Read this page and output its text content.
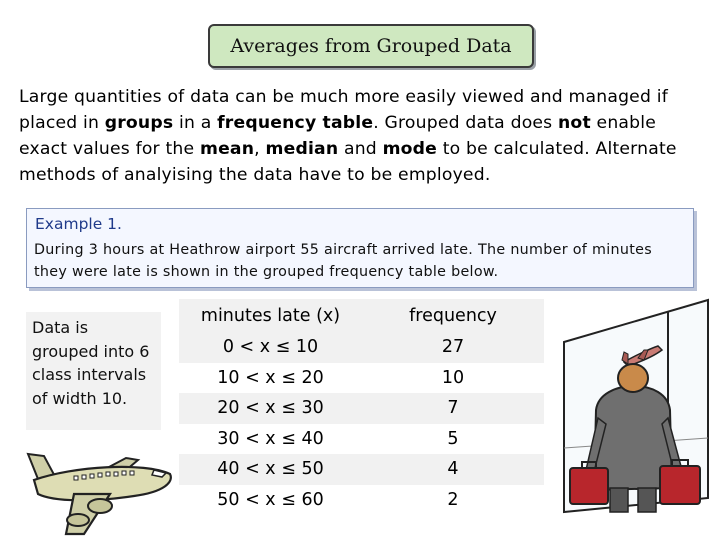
Averages from Grouped Data
Large quantities of data can be much more easily viewed and managed if placed in groups in a frequency table. Grouped data does not enable exact values for the mean, median and mode to be calculated. Alternate methods of analyising the data have to be employed.
Example 1.
During 3 hours at Heathrow airport 55 aircraft arrived late. The number of minutes they were late is shown in the grouped frequency table below.
Data is grouped into 6 class intervals of width 10.
minutes late (x)	frequency
0 < x ≤ 10	27
10 < x ≤ 20	10
20 < x ≤ 30	7
30 < x ≤ 40	5
40 < x ≤ 50	4
50 < x ≤ 60	2
